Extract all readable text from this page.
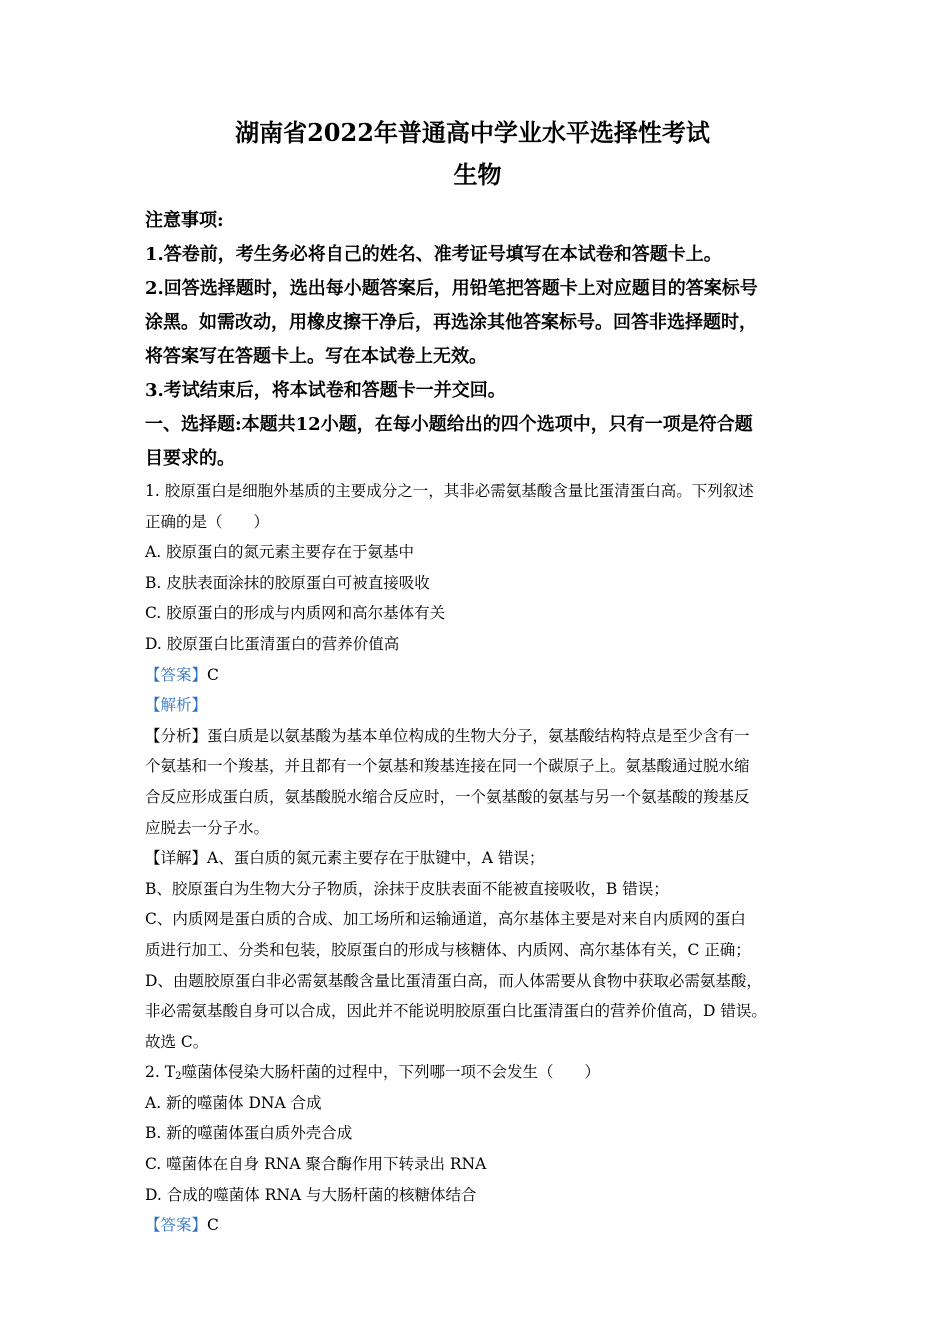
湖南省2022年普通高中学业水平选择性考试

生物

注意事项:

1.答卷前，考生务必将自己的姓名、准考证号填写在本试卷和答题卡上。

2.回答选择题时，选出每小题答案后，用铅笔把答题卡上对应题目的答案标号

涂黑。如需改动，用橡皮擦干净后，再选涂其他答案标号。回答非选择题时，

将答案写在答题卡上。写在本试卷上无效。

3.考试结束后，将本试卷和答题卡一并交回。

一、选择题:本题共12小题，在每小题给出的四个选项中，只有一项是符合题

目要求的。

1. 胶原蛋白是细胞外基质的主要成分之一，其非必需氨基酸含量比蛋清蛋白高。下列叙述

正确的是（　　）

A. 胶原蛋白的氮元素主要存在于氨基中

B. 皮肤表面涂抹的胶原蛋白可被直接吸收

C. 胶原蛋白的形成与内质网和高尔基体有关

D. 胶原蛋白比蛋清蛋白的营养价值高

【答案】C

【解析】

【分析】蛋白质是以氨基酸为基本单位构成的生物大分子，氨基酸结构特点是至少含有一

个氨基和一个羧基，并且都有一个氨基和羧基连接在同一个碳原子上。氨基酸通过脱水缩

合反应形成蛋白质，氨基酸脱水缩合反应时，一个氨基酸的氨基与另一个氨基酸的羧基反

应脱去一分子水。

【详解】A、蛋白质的氮元素主要存在于肽键中，A 错误；

B、胶原蛋白为生物大分子物质，涂抹于皮肤表面不能被直接吸收，B 错误；

C、内质网是蛋白质的合成、加工场所和运输通道，高尔基体主要是对来自内质网的蛋白

质进行加工、分类和包装，胶原蛋白的形成与核糖体、内质网、高尔基体有关，C 正确；

D、由题胶原蛋白非必需氨基酸含量比蛋清蛋白高，而人体需要从食物中获取必需氨基酸，

非必需氨基酸自身可以合成，因此并不能说明胶原蛋白比蛋清蛋白的营养价值高，D 错误。

故选 C。

2. $T_2$噬菌体侵染大肠杆菌的过程中，下列哪一项不会发生（　　）

A. 新的噬菌体 DNA 合成

B. 新的噬菌体蛋白质外壳合成

C. 噬菌体在自身 RNA 聚合酶作用下转录出 RNA

D. 合成的噬菌体 RNA 与大肠杆菌的核糖体结合

【答案】C
